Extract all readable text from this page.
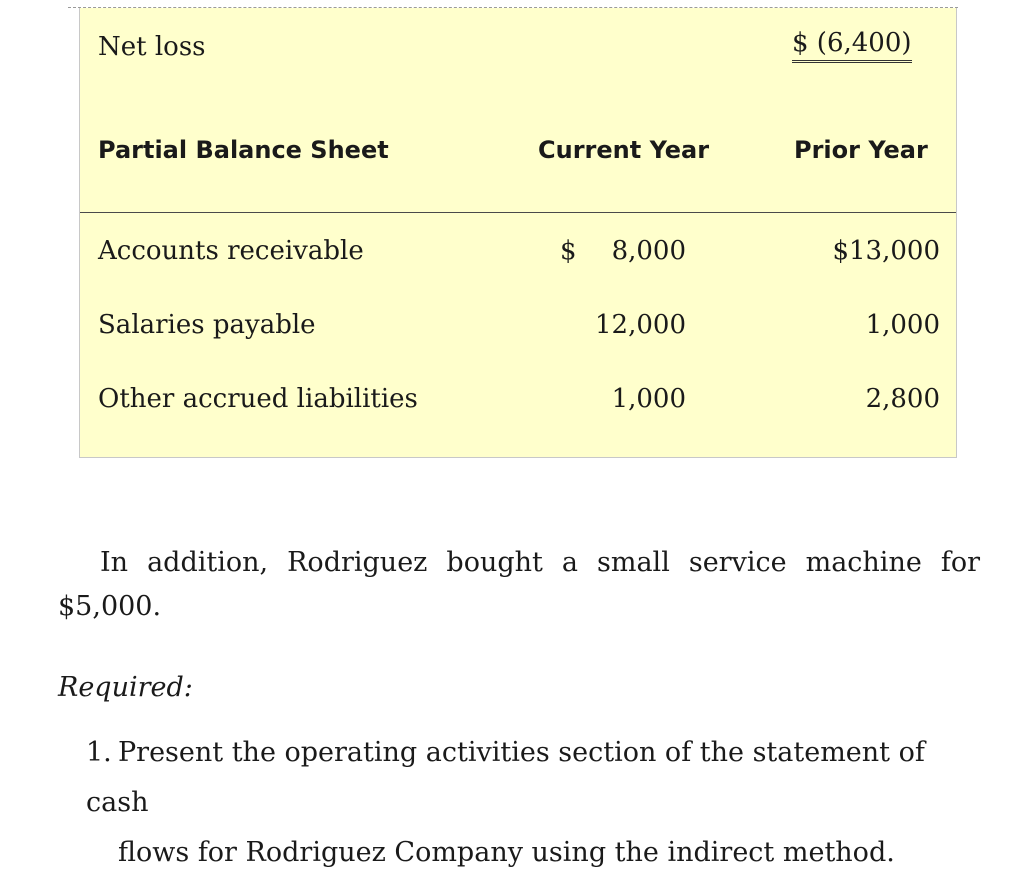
Net loss	$ (6,400)
Partial Balance Sheet	Current Year	Prior Year
Accounts receivable	$ 8,000	$13,000
Salaries payable	12,000	1,000
Other accrued liabilities	1,000	2,800
In addition, Rodriguez bought a small service machine for
$5,000.
Required:
1. Present the operating activities section of the statement of cash
flows for Rodriguez Company using the indirect method.
